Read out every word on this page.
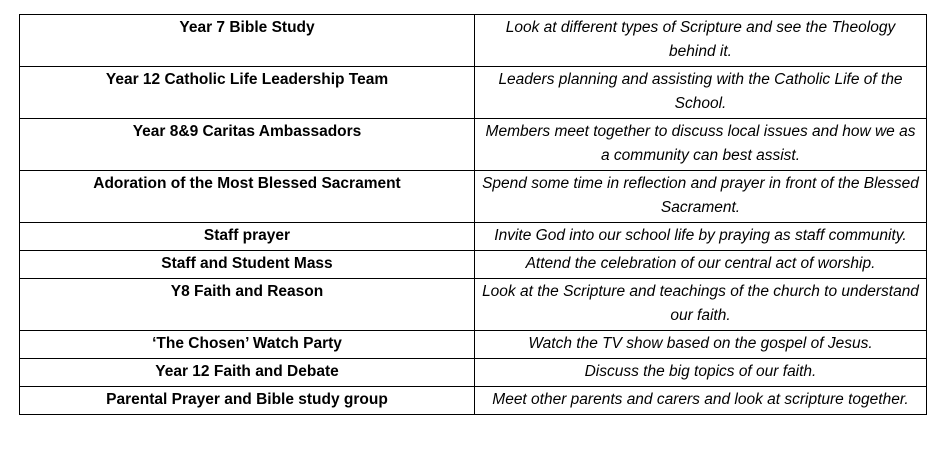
Year 7 Bible Study	Look at different types of Scripture and see the Theology behind it.
Year 12 Catholic Life Leadership Team	Leaders planning and assisting with the Catholic Life of the School.
Year 8&9 Caritas Ambassadors	Members meet together to discuss local issues and how we as a community can best assist.
Adoration of the Most Blessed Sacrament	Spend some time in reflection and prayer in front of the Blessed Sacrament.
Staff prayer	Invite God into our school life by praying as staff community.
Staff and Student Mass	Attend the celebration of our central act of worship.
Y8 Faith and Reason	Look at the Scripture and teachings of the church to understand our faith.
‘The Chosen’ Watch Party	Watch the TV show based on the gospel of Jesus.
Year 12 Faith and Debate	Discuss the big topics of our faith.
Parental Prayer and Bible study group	Meet other parents and carers and look at scripture together.
